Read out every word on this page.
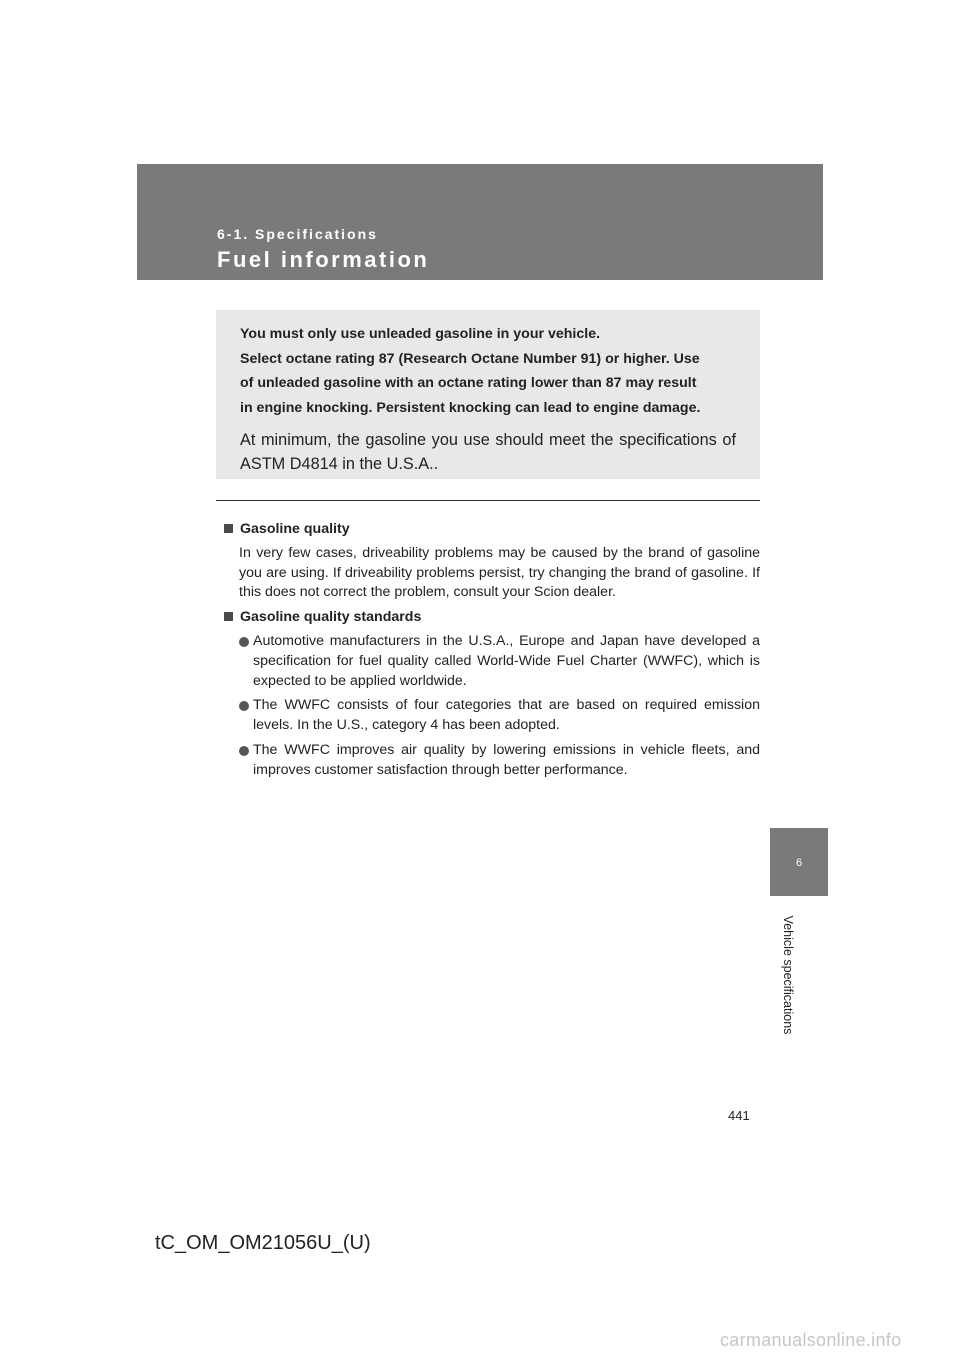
6-1. Specifications
Fuel information

You must only use unleaded gasoline in your vehicle.
Select octane rating 87 (Research Octane Number 91) or higher. Use
of unleaded gasoline with an octane rating lower than 87 may result
in engine knocking. Persistent knocking can lead to engine damage.

At minimum, the gasoline you use should meet the specifications of ASTM D4814 in the U.S.A..

Gasoline quality

In very few cases, driveability problems may be caused by the brand of gasoline you are using. If driveability problems persist, try changing the brand of gasoline. If this does not correct the problem, consult your Scion dealer.

Gasoline quality standards

Automotive manufacturers in the U.S.A., Europe and Japan have developed a specification for fuel quality called World-Wide Fuel Charter (WWFC), which is expected to be applied worldwide.

The WWFC consists of four categories that are based on required emission levels. In the U.S., category 4 has been adopted.

The WWFC improves air quality by lowering emissions in vehicle fleets, and improves customer satisfaction through better performance.

6
Vehicle specifications
441
tC_OM_OM21056U_(U)
carmanualsonline.info
